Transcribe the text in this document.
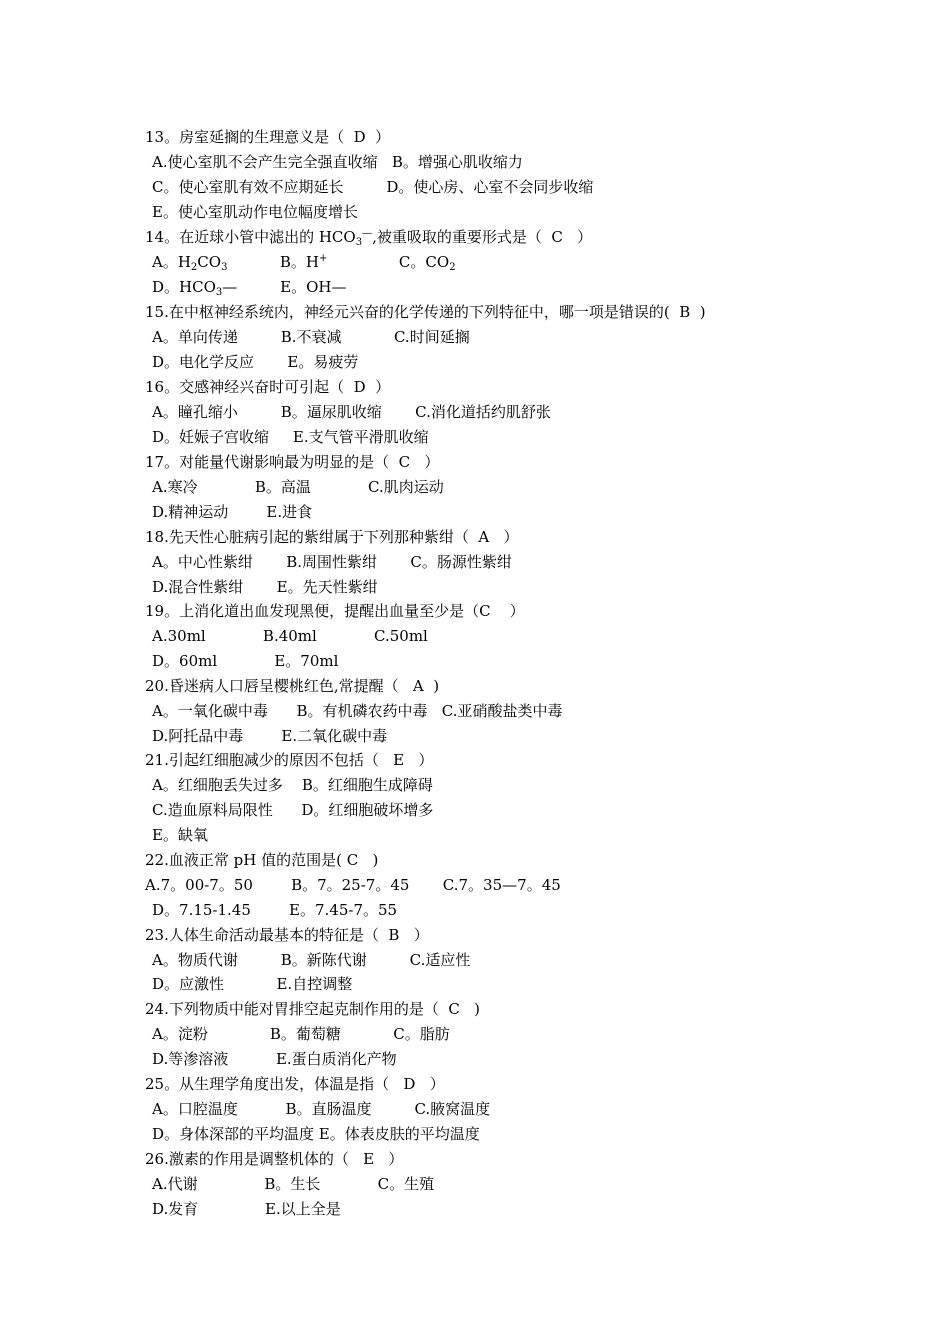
13。房室延搁的生理意义是（  D  ）
A.使心室肌不会产生完全强直收缩   B。增强心肌收缩力
C。使心室肌有效不应期延长         D。使心房、心室不会同步收缩
E。使心室肌动作电位幅度增长
14。在近球小管中滤出的 $HCO_3^—$,被重吸取的重要形式是（  C   ）
A。$H_2CO_3$           B。H+               C。$CO_2$
D。$HCO_3—$         E。OH—
15.在中枢神经系统内，神经元兴奋的化学传递的下列特征中，哪一项是错误的(  B  )
A。单向传递         B.不衰减           C.时间延搁
D。电化学反应       E。易疲劳
16。交感神经兴奋时可引起（  D  ）
A。瞳孔缩小         B。逼尿肌收缩       C.消化道括约肌舒张
D。妊娠子宫收缩     E.支气管平滑肌收缩
17。对能量代谢影响最为明显的是（  C   ）
A.寒冷            B。高温            C.肌肉运动
D.精神运动        E.进食
18.先天性心脏病引起的紫绀属于下列那种紫绀（  A   ）
A。中心性紫绀       B.周围性紫绀       C。肠源性紫绀
D.混合性紫绀       E。先天性紫绀
19。上消化道出血发现黑便，提醒出血量至少是（C    ）
A.30ml            B.40ml            C.50ml
D。60ml            E。70ml
20.昏迷病人口唇呈樱桃红色,常提醒（   A  )
A。一氧化碳中毒      B。有机磷农药中毒   C.亚硝酸盐类中毒
D.阿托品中毒        E.二氧化碳中毒
21.引起红细胞减少的原因不包括（   E   ）
A。红细胞丢失过多    B。红细胞生成障碍
C.造血原料局限性      D。红细胞破坏增多
E。缺氧
22.血液正常 pH 值的范围是( C   )
A.7。00-7。50        B。7。25-7。45       C.7。35—7。45
D。7.15-1.45        E。7.45-7。55
23.人体生命活动最基本的特征是（  B   ）
A。物质代谢         B。新陈代谢         C.适应性
D。应激性           E.自控调整
24.下列物质中能对胃排空起克制作用的是（  C   )
A。淀粉             B。葡萄糖           C。脂肪
D.等渗溶液          E.蛋白质消化产物
25。从生理学角度出发，体温是指（   D   ）
A。口腔温度          B。直肠温度         C.腋窝温度
D。身体深部的平均温度 E。体表皮肤的平均温度
26.激素的作用是调整机体的（   E   ）
A.代谢              B。生长            C。生殖
D.发育              E.以上全是
